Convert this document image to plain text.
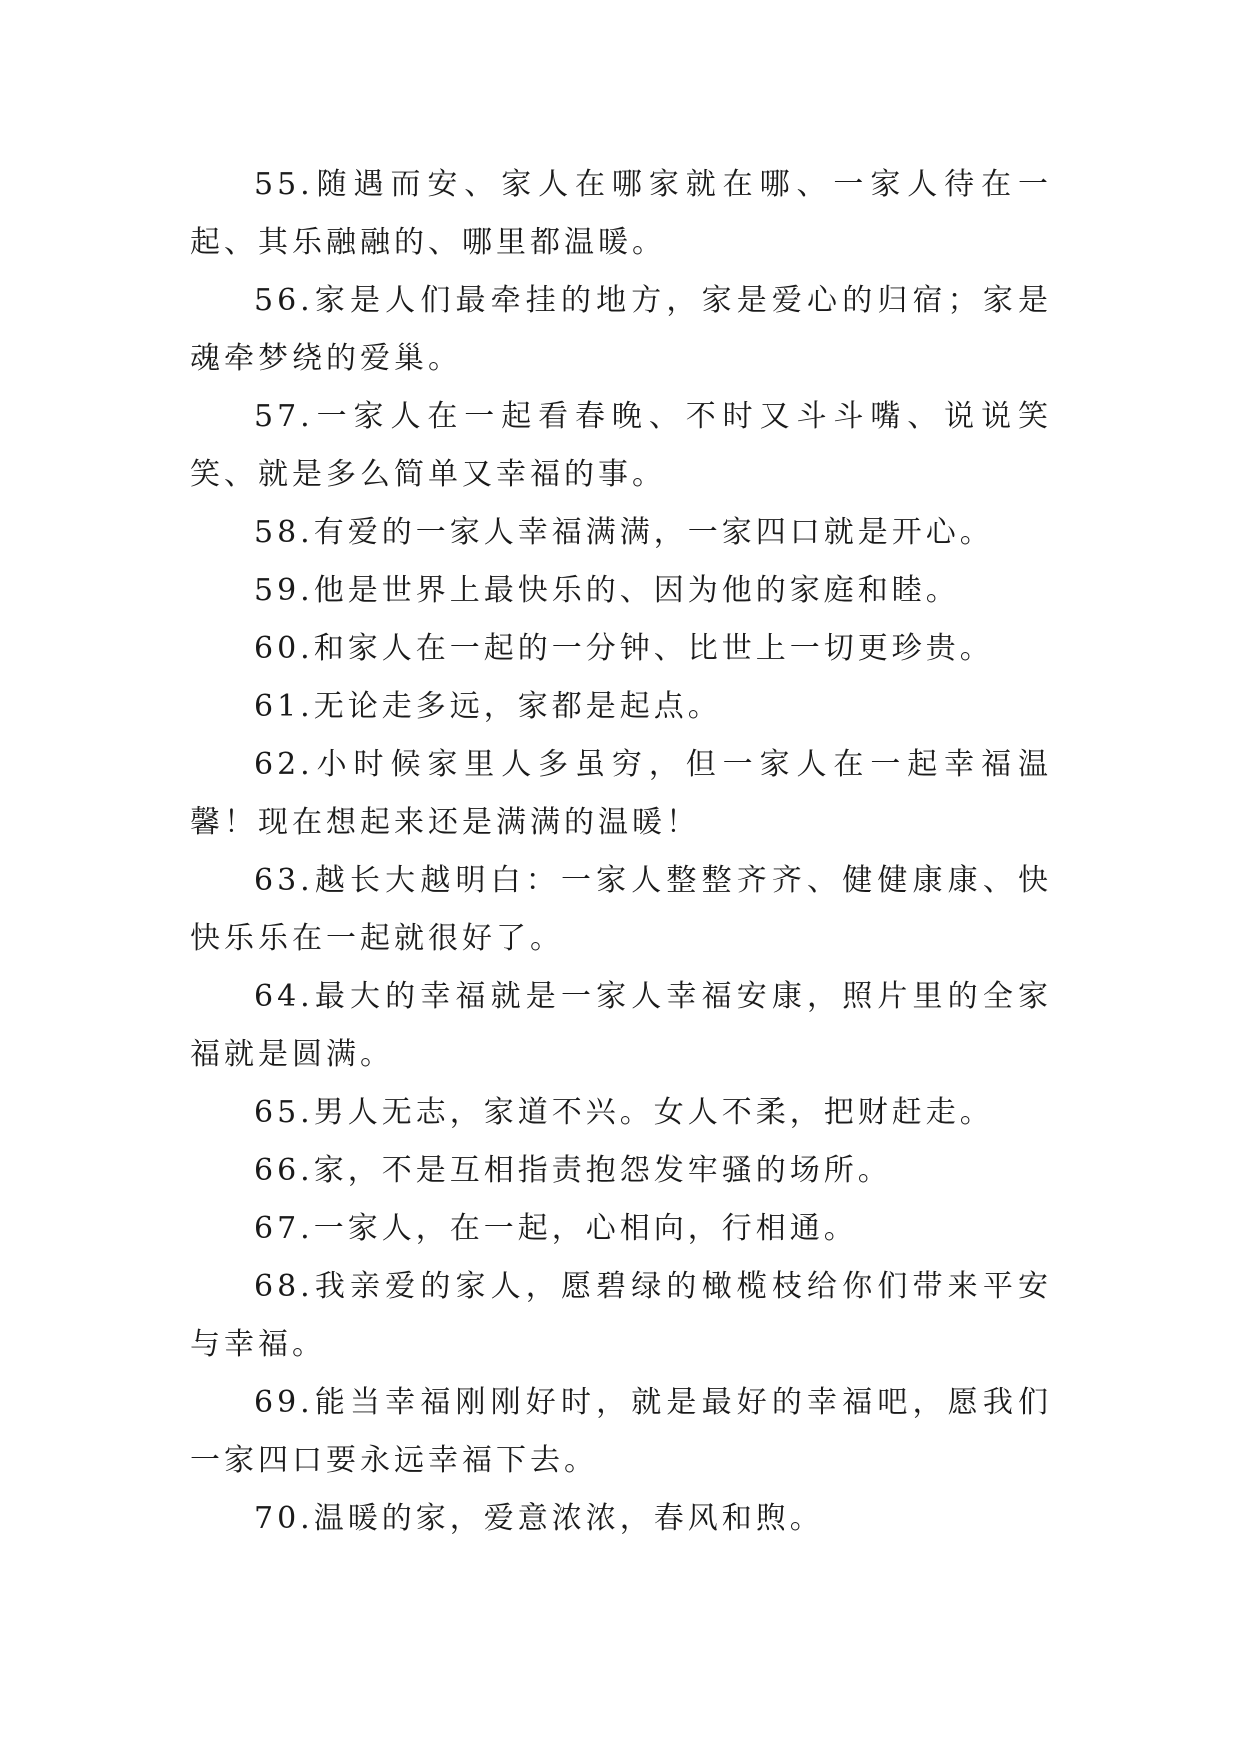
55.随遇而安、家人在哪家就在哪、一家人待在一起、其乐融融的、哪里都温暖。

56.家是人们最牵挂的地方，家是爱心的归宿；家是魂牵梦绕的爱巢。

57.一家人在一起看春晚、不时又斗斗嘴、说说笑笑、就是多么简单又幸福的事。

58.有爱的一家人幸福满满，一家四口就是开心。

59.他是世界上最快乐的、因为他的家庭和睦。

60.和家人在一起的一分钟、比世上一切更珍贵。

61.无论走多远，家都是起点。

62.小时候家里人多虽穷，但一家人在一起幸福温馨！现在想起来还是满满的温暖！

63.越长大越明白：一家人整整齐齐、健健康康、快快乐乐在一起就很好了。

64.最大的幸福就是一家人幸福安康，照片里的全家福就是圆满。

65.男人无志，家道不兴。女人不柔，把财赶走。

66.家，不是互相指责抱怨发牢骚的场所。

67.一家人，在一起，心相向，行相通。

68.我亲爱的家人，愿碧绿的橄榄枝给你们带来平安与幸福。

69.能当幸福刚刚好时，就是最好的幸福吧，愿我们一家四口要永远幸福下去。

70.温暖的家，爱意浓浓，春风和煦。
